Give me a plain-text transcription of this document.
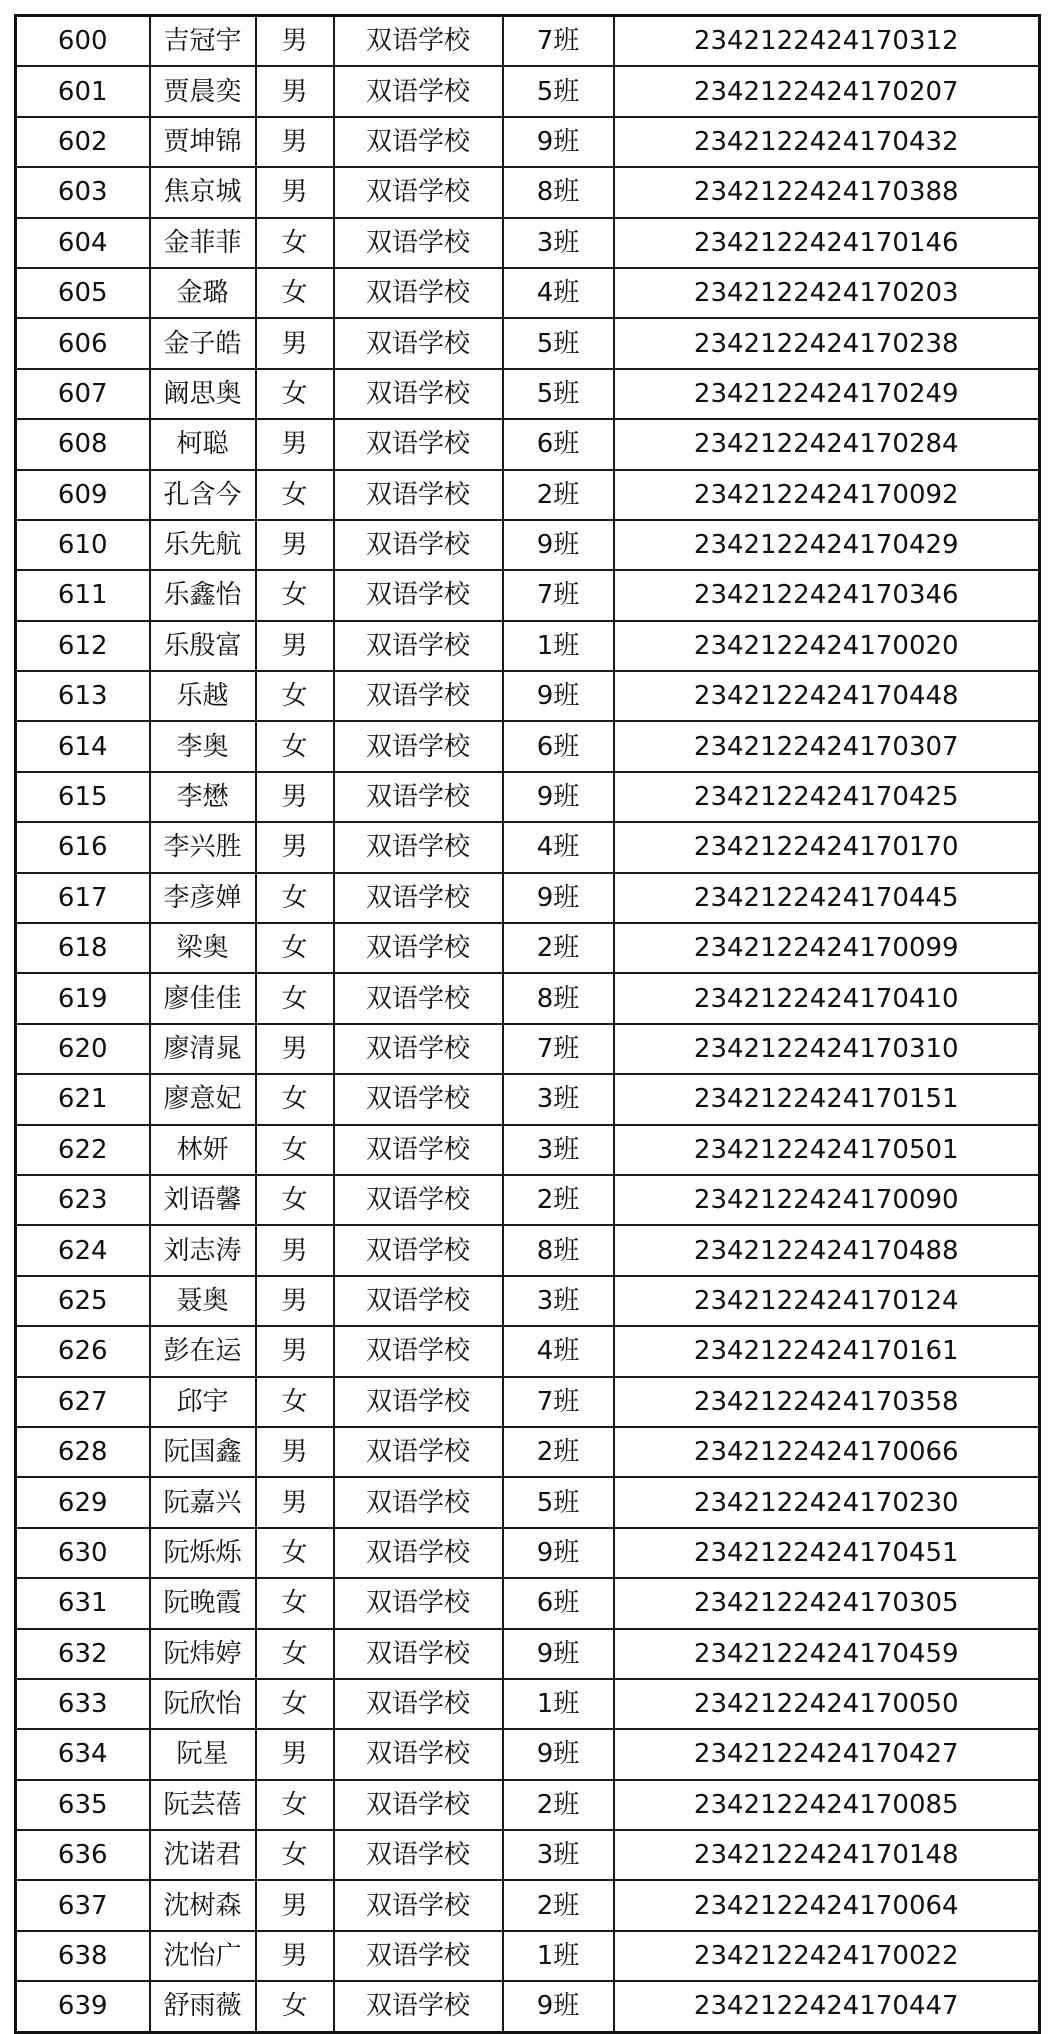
600	吉冠宇	男	双语学校	7班	2342122424170312
601	贾晨奕	男	双语学校	5班	2342122424170207
602	贾坤锦	男	双语学校	9班	2342122424170432
603	焦京城	男	双语学校	8班	2342122424170388
604	金菲菲	女	双语学校	3班	2342122424170146
605	金璐	女	双语学校	4班	2342122424170203
606	金子皓	男	双语学校	5班	2342122424170238
607	阚思奥	女	双语学校	5班	2342122424170249
608	柯聪	男	双语学校	6班	2342122424170284
609	孔含今	女	双语学校	2班	2342122424170092
610	乐先航	男	双语学校	9班	2342122424170429
611	乐鑫怡	女	双语学校	7班	2342122424170346
612	乐殷富	男	双语学校	1班	2342122424170020
613	乐越	女	双语学校	9班	2342122424170448
614	李奥	女	双语学校	6班	2342122424170307
615	李懋	男	双语学校	9班	2342122424170425
616	李兴胜	男	双语学校	4班	2342122424170170
617	李彦婵	女	双语学校	9班	2342122424170445
618	梁奥	女	双语学校	2班	2342122424170099
619	廖佳佳	女	双语学校	8班	2342122424170410
620	廖清晁	男	双语学校	7班	2342122424170310
621	廖意妃	女	双语学校	3班	2342122424170151
622	林妍	女	双语学校	3班	2342122424170501
623	刘语馨	女	双语学校	2班	2342122424170090
624	刘志涛	男	双语学校	8班	2342122424170488
625	聂奥	男	双语学校	3班	2342122424170124
626	彭在运	男	双语学校	4班	2342122424170161
627	邱宇	女	双语学校	7班	2342122424170358
628	阮国鑫	男	双语学校	2班	2342122424170066
629	阮嘉兴	男	双语学校	5班	2342122424170230
630	阮烁烁	女	双语学校	9班	2342122424170451
631	阮晚霞	女	双语学校	6班	2342122424170305
632	阮炜婷	女	双语学校	9班	2342122424170459
633	阮欣怡	女	双语学校	1班	2342122424170050
634	阮星	男	双语学校	9班	2342122424170427
635	阮芸蓓	女	双语学校	2班	2342122424170085
636	沈诺君	女	双语学校	3班	2342122424170148
637	沈树森	男	双语学校	2班	2342122424170064
638	沈怡广	男	双语学校	1班	2342122424170022
639	舒雨薇	女	双语学校	9班	2342122424170447
